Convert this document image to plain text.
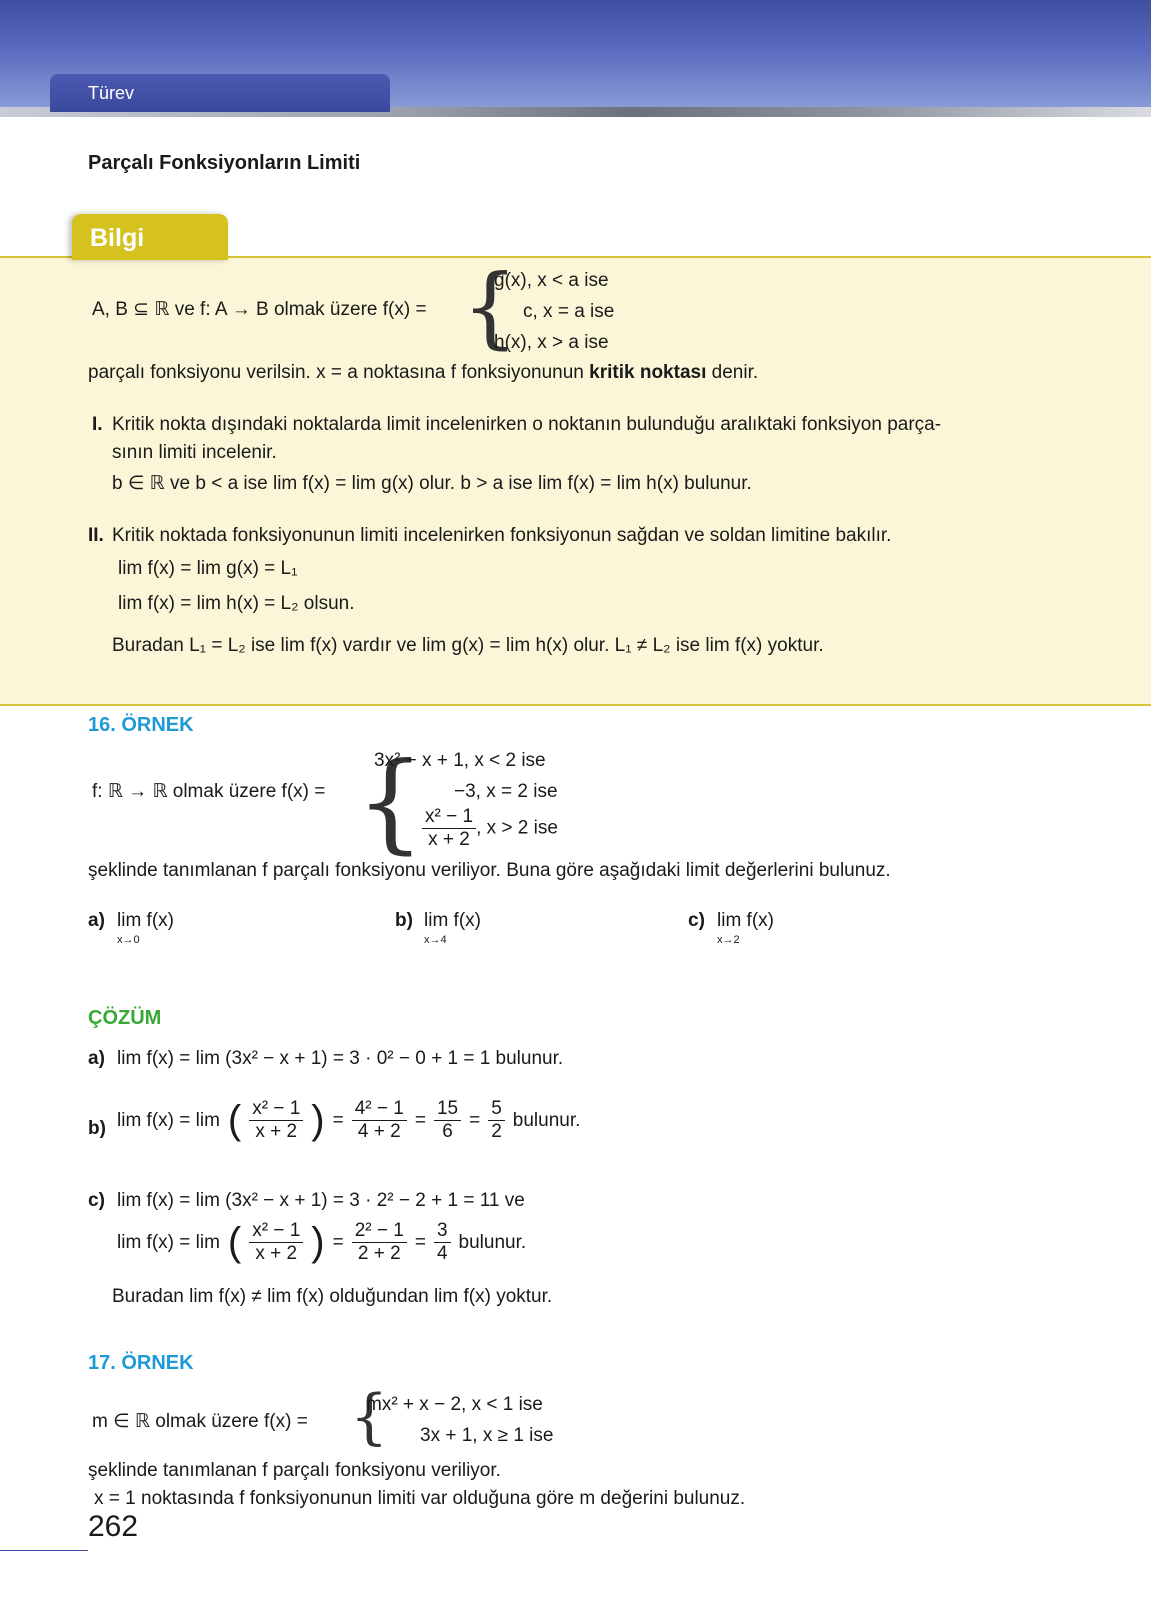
Türev
Parçalı Fonksiyonların Limiti
Bilgi
A, B ⊆ ℝ ve f: A → B olmak üzere f(x) = {
g(x), x < a ise
c, x = a ise
h(x), x > a ise
parçalı fonksiyonu verilsin. x = a noktasına f fonksiyonunun kritik noktası denir.
I. Kritik nokta dışındaki noktalarda limit incelenirken o noktanın bulunduğu aralıktaki fonksiyon parça-
sının limiti incelenir.
b ∈ ℝ ve b < a ise lim f(x) = lim g(x) olur. b > a ise lim f(x) = lim h(x) bulunur.
II. Kritik noktada fonksiyonunun limiti incelenirken fonksiyonun sağdan ve soldan limitine bakılır.
lim f(x) = lim g(x) = L₁
lim f(x) = lim h(x) = L₂ olsun.
Buradan L₁ = L₂ ise lim f(x) vardır ve lim g(x) = lim h(x) olur. L₁ ≠ L₂ ise lim f(x) yoktur.
16. ÖRNEK
f: ℝ → ℝ olmak üzere f(x) = {
3x² − x + 1, x < 2 ise
−3, x = 2 ise
$\frac{\text{x² − 1}}{x + 2}$ , x > 2 ise
şeklinde tanımlanan f parçalı fonksiyonu veriliyor. Buna göre aşağıdaki limit değerlerini bulunuz.
a) lim f(x)
x→0
b) lim f(x)
x→4
c) lim f(x)
x→2
ÇÖZÜM
a) lim f(x) = lim (3x² − x + 1) = 3 · 0² − 0 + 1 = 1 bulunur.
b) lim f(x) = lim ( $\frac{\text{x² − 1}}{x + 2}$ ) = $\frac{\text{4² − 1}}{4 + 2} = \frac{15}{6} = \frac{5}{2}$ bulunur.
c) lim f(x) = lim (3x² − x + 1) = 3 · 2² − 2 + 1 = 11 ve
lim f(x) = lim ( $\frac{\text{x² − 1}}{x + 2}$ ) = $\frac{\text{2² − 1}}{2 + 2} = \frac{3}{4}$ bulunur.
Buradan lim f(x) ≠ lim f(x) olduğundan lim f(x) yoktur.
17. ÖRNEK
m ∈ ℝ olmak üzere f(x) = {
mx² + x − 2, x < 1 ise
3x + 1, x ≥ 1 ise
şeklinde tanımlanan f parçalı fonksiyonu veriliyor.
x = 1 noktasında f fonksiyonunun limiti var olduğuna göre m değerini bulunuz.
262
